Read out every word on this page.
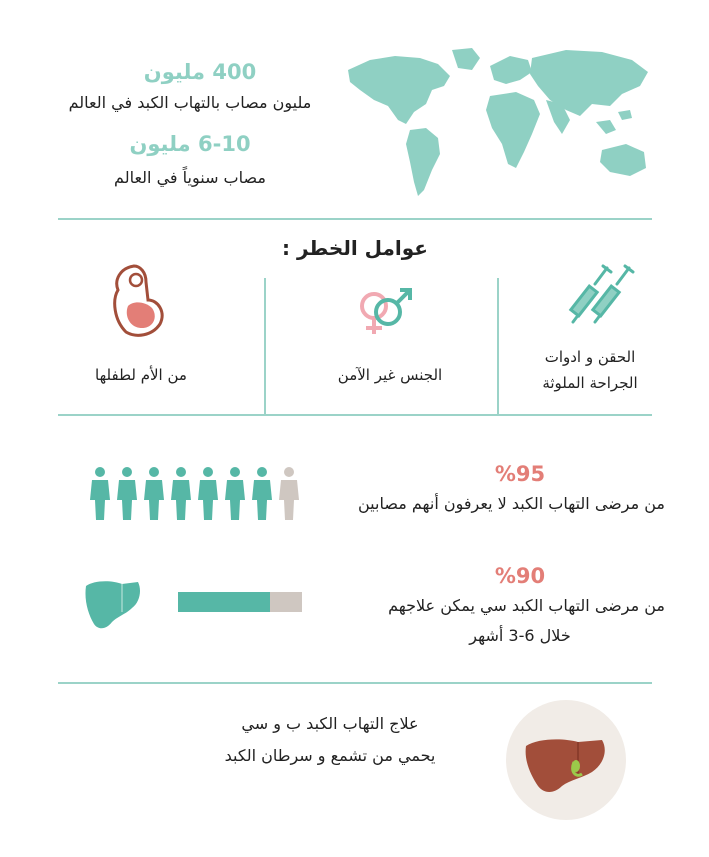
400 مليون
مليون مصاب بالتهاب الكبد في العالم
6-10 مليون
مصاب سنوياً في العالم
عوامل الخطر :
الحقن و ادوات
الجراحة الملوثة
الجنس غير الآمن
من الأم لطفلها
%95
من مرضى التهاب الكبد لا يعرفون أنهم مصابين
%90
من مرضى التهاب الكبد سي يمكن علاجهم
خلال 6-3 أشهر
علاج التهاب الكبد ب و سي
يحمي من تشمع و سرطان الكبد
